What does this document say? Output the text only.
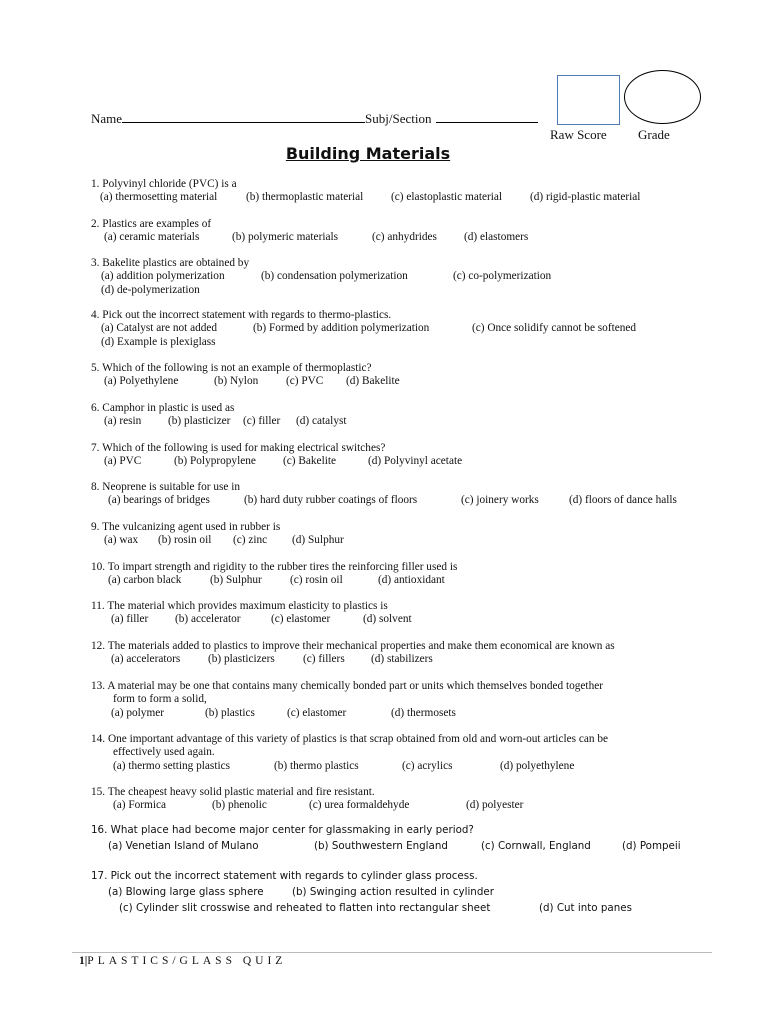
Name	Subj/Section
Raw Score Grade
Building Materials
1. Polyvinyl chloride (PVC) is a
(a) thermosetting material	(b) thermoplastic material (c) elastoplastic material (d) rigid-plastic material
2. Plastics are examples of
(a) ceramic materials	(b) polymeric materials	(c) anhydrides (d) elastomers
3. Bakelite plastics are obtained by
(a) addition polymerization	(b) condensation polymerization	(c) co-polymerization
(d) de-polymerization
4. Pick out the incorrect statement with regards to thermo-plastics.
(a) Catalyst are not added	(b) Formed by addition polymerization	(c) Once solidify cannot be softened
(d) Example is plexiglass
5. Which of the following is not an example of thermoplastic?
(a) Polyethylene	(b) Nylon (c) PVC (d) Bakelite
6. Camphor in plastic is used as
(a) resin (b) plasticizer (c) filler (d) catalyst
7. Which of the following is used for making electrical switches?
(a) PVC	(b) Polypropylene (c) Bakelite	(d) Polyvinyl acetate
8. Neoprene is suitable for use in
(a) bearings of bridges	(b) hard duty rubber coatings of floors	(c) joinery works	(d) floors of dance halls
9. The vulcanizing agent used in rubber is
(a) wax (b) rosin oil (c) zinc (d) Sulphur
10. To impart strength and rigidity to the rubber tires the reinforcing filler used is
(a) carbon black	(b) Sulphur (c) rosin oil	(d) antioxidant
11. The material which provides maximum elasticity to plastics is
(a) filler (b) accelerator	(c) elastomer	(d) solvent
12. The materials added to plastics to improve their mechanical properties and make them economical are known as
(a) accelerators (b) plasticizers (c) fillers (d) stabilizers
13. A material may be one that contains many chemically bonded part or units which themselves bonded together
form to form a solid,
(a) polymer	(b) plastics	(c) elastomer	(d) thermosets
14. One important advantage of this variety of plastics is that scrap obtained from old and worn-out articles can be
effectively used again.
(a) thermo setting plastics	(b) thermo plastics	(c) acrylics	(d) polyethylene
15. The cheapest heavy solid plastic material and fire resistant.
(a) Formica	(b) phenolic	(c) urea formaldehyde	(d) polyester
16. What place had become major center for glassmaking in early period?
(a) Venetian Island of Mulano	(b) Southwestern England	(c) Cornwall, England	(d) Pompeii
17. Pick out the incorrect statement with regards to cylinder glass process.
(a) Blowing large glass sphere	(b) Swinging action resulted in cylinder
(c) Cylinder slit crosswise and reheated to flatten into rectangular sheet	(d) Cut into panes
1|PLASTICS/GLASS QUIZ
